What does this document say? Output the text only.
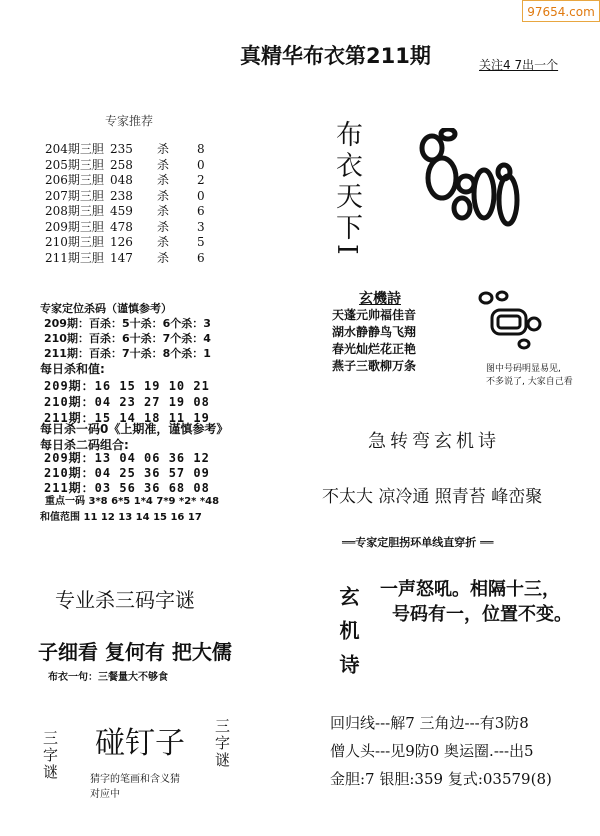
97654.com
真精华布衣第211期	关注4 7出一个
专家推荐
204期三胆 235 杀 8
205期三胆 258 杀 0
206期三胆 048 杀 2
207期三胆 238 杀 0
208期三胆 459 杀 6
209期三胆 478 杀 3
210期三胆 126 杀 5
211期三胆 147 杀 6
专家定位杀码（谨慎参考）
209期：百杀：5十杀：6个杀：3
210期：百杀：6十杀：7个杀：4
211期：百杀：7十杀：8个杀：1
每日杀和值:
209期：16 15 19 10 21
210期：04 23 27 19 08
211期：15 14 18 11 19
每日杀一码0《上期准，谨慎参考》
每日杀二码组合:
209期：13 04 06 36 12
210期：04 25 36 57 09
211期：03 56 36 68 08
重点一码 3*8 6*5 1*4 7*9 *2* *48
和值范围 11 12 13 14 15 16 17
专业杀三码字谜
子细看 复何有 把大儒
布衣一句：三餐量大不够食
三字谜 碰钉子 三字谜
猜字的笔画和含义猜
对应中
布衣天下I
玄機詩
天蓬元帅福佳音
湖水静静鸟飞翔
春光灿烂花正艳
燕子三歌柳万条	图中号码明显易见,
不多说了, 大家自己看
急转弯玄机诗
不太大 凉冷通 照青苔 峰峦聚
══专家定胆拐环单线直穿折 ══
玄机诗 一声怒吼。相隔十三，
号码有一，位置不变。
回归线---解7 三角边---有3防8
僧人头---见9防0 奥运圈.---出5
金胆:7 银胆:359 复式:03579(8)
